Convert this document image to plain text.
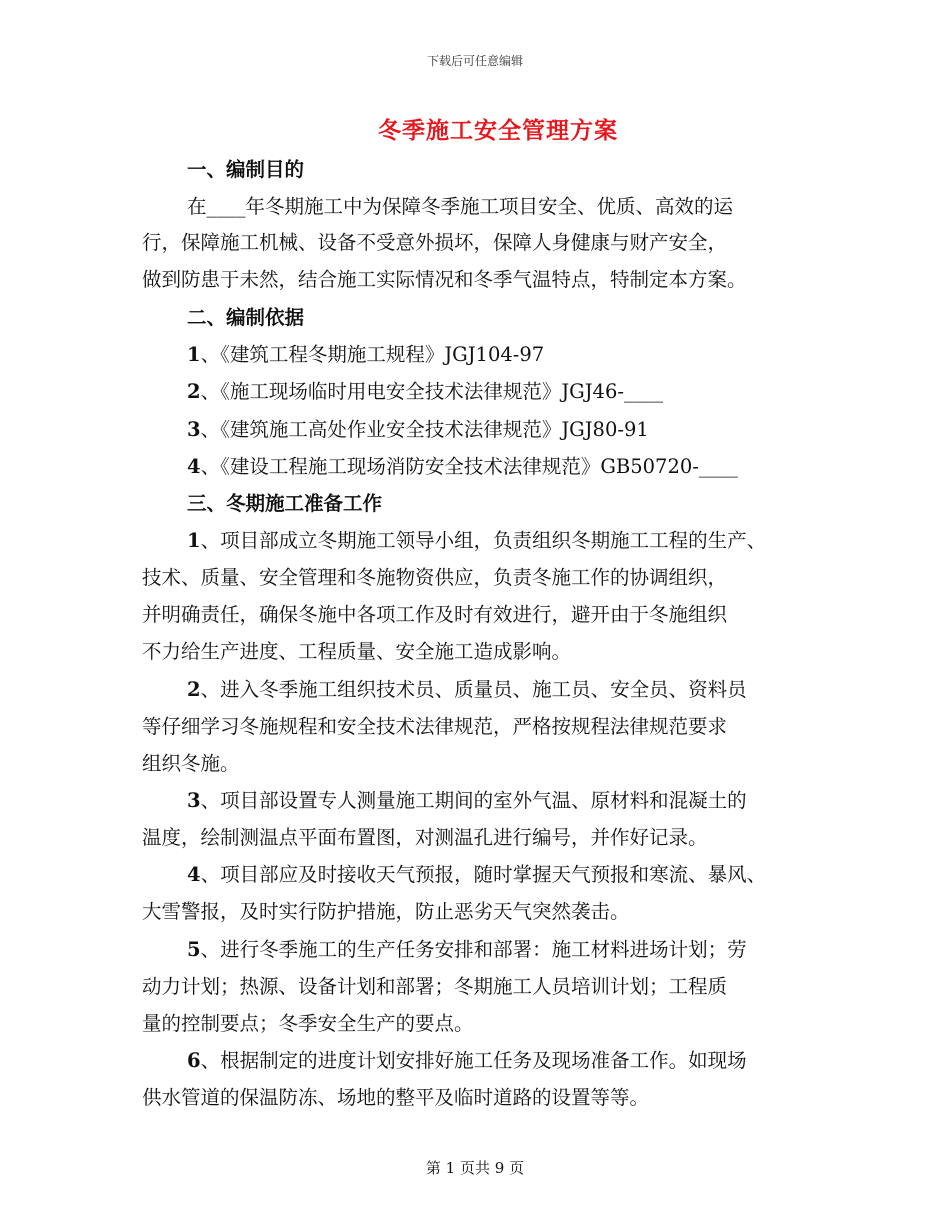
下载后可任意编辑
冬季施工安全管理方案
一、编制目的
在____年冬期施工中为保障冬季施工项目安全、优质、高效的运
行，保障施工机械、设备不受意外损坏，保障人身健康与财产安全，
做到防患于未然，结合施工实际情况和冬季气温特点，特制定本方案。
二、编制依据
1、《建筑工程冬期施工规程》JGJ104-97
2、《施工现场临时用电安全技术法律规范》JGJ46-____
3、《建筑施工高处作业安全技术法律规范》JGJ80-91
4、《建设工程施工现场消防安全技术法律规范》GB50720-____
三、冬期施工准备工作
1、项目部成立冬期施工领导小组，负责组织冬期施工工程的生产、
技术、质量、安全管理和冬施物资供应，负责冬施工作的协调组织，
并明确责任，确保冬施中各项工作及时有效进行，避开由于冬施组织
不力给生产进度、工程质量、安全施工造成影响。
2、进入冬季施工组织技术员、质量员、施工员、安全员、资料员
等仔细学习冬施规程和安全技术法律规范，严格按规程法律规范要求
组织冬施。
3、项目部设置专人测量施工期间的室外气温、原材料和混凝土的
温度，绘制测温点平面布置图，对测温孔进行编号，并作好记录。
4、项目部应及时接收天气预报，随时掌握天气预报和寒流、暴风、
大雪警报，及时实行防护措施，防止恶劣天气突然袭击。
5、进行冬季施工的生产任务安排和部署：施工材料进场计划；劳
动力计划；热源、设备计划和部署；冬期施工人员培训计划；工程质
量的控制要点；冬季安全生产的要点。
6、根据制定的进度计划安排好施工任务及现场准备工作。如现场
供水管道的保温防冻、场地的整平及临时道路的设置等等。
第 1 页共 9 页
